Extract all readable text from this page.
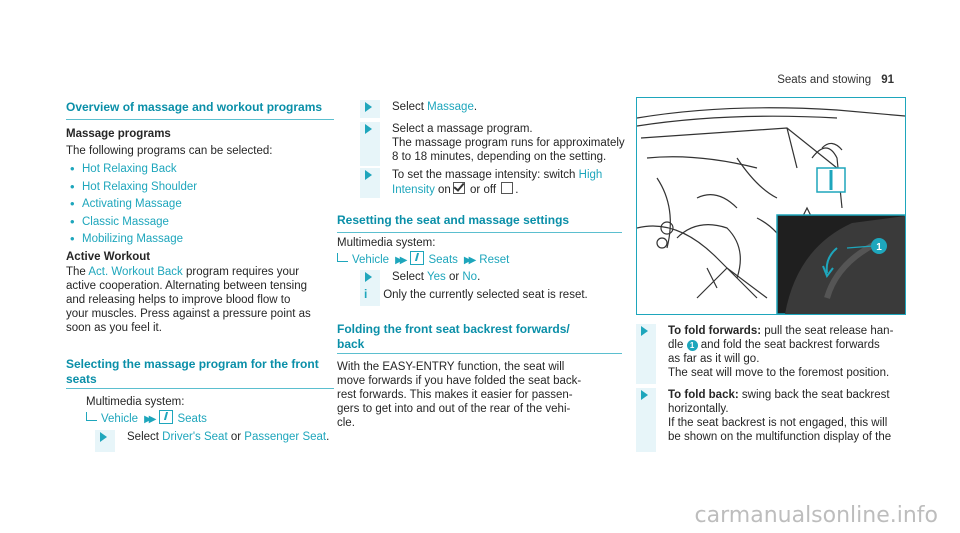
Seats and stowing 91
Overview of massage and workout programs
Massage programs
The following programs can be selected:
• Hot Relaxing Back
• Hot Relaxing Shoulder
• Activating Massage
• Classic Massage
• Mobilizing Massage
Active Workout
The Act. Workout Back program requires your
active cooperation. Alternating between tensing
and releasing helps to improve blood flow to
your muscles. Press against a pressure point as
soon as you feel it.
Selecting the massage program for the front
seats
Multimedia system:
Vehicle ▶▶ Seats
Select Driver's Seat or Passenger Seat.
Select Massage.
Select a massage program.
The massage program runs for approximately
8 to 18 minutes, depending on the setting.
To set the massage intensity: switch High
Intensity on or off .
Resetting the seat and massage settings
Multimedia system:
Vehicle ▶▶ Seats ▶▶ Reset
Select Yes or No.
i Only the currently selected seat is reset.
Folding the front seat backrest forwards/
back
With the EASY-ENTRY function, the seat will
move forwards if you have folded the seat back-
rest forwards. This makes it easier for passen-
gers to get into and out of the rear of the vehi-
cle.
1
To fold forwards: pull the seat release han-
dle 1 and fold the seat backrest forwards
as far as it will go.
The seat will move to the foremost position.
To fold back: swing back the seat backrest
horizontally.
If the seat backrest is not engaged, this will
be shown on the multifunction display of the
carmanualsonline.info
